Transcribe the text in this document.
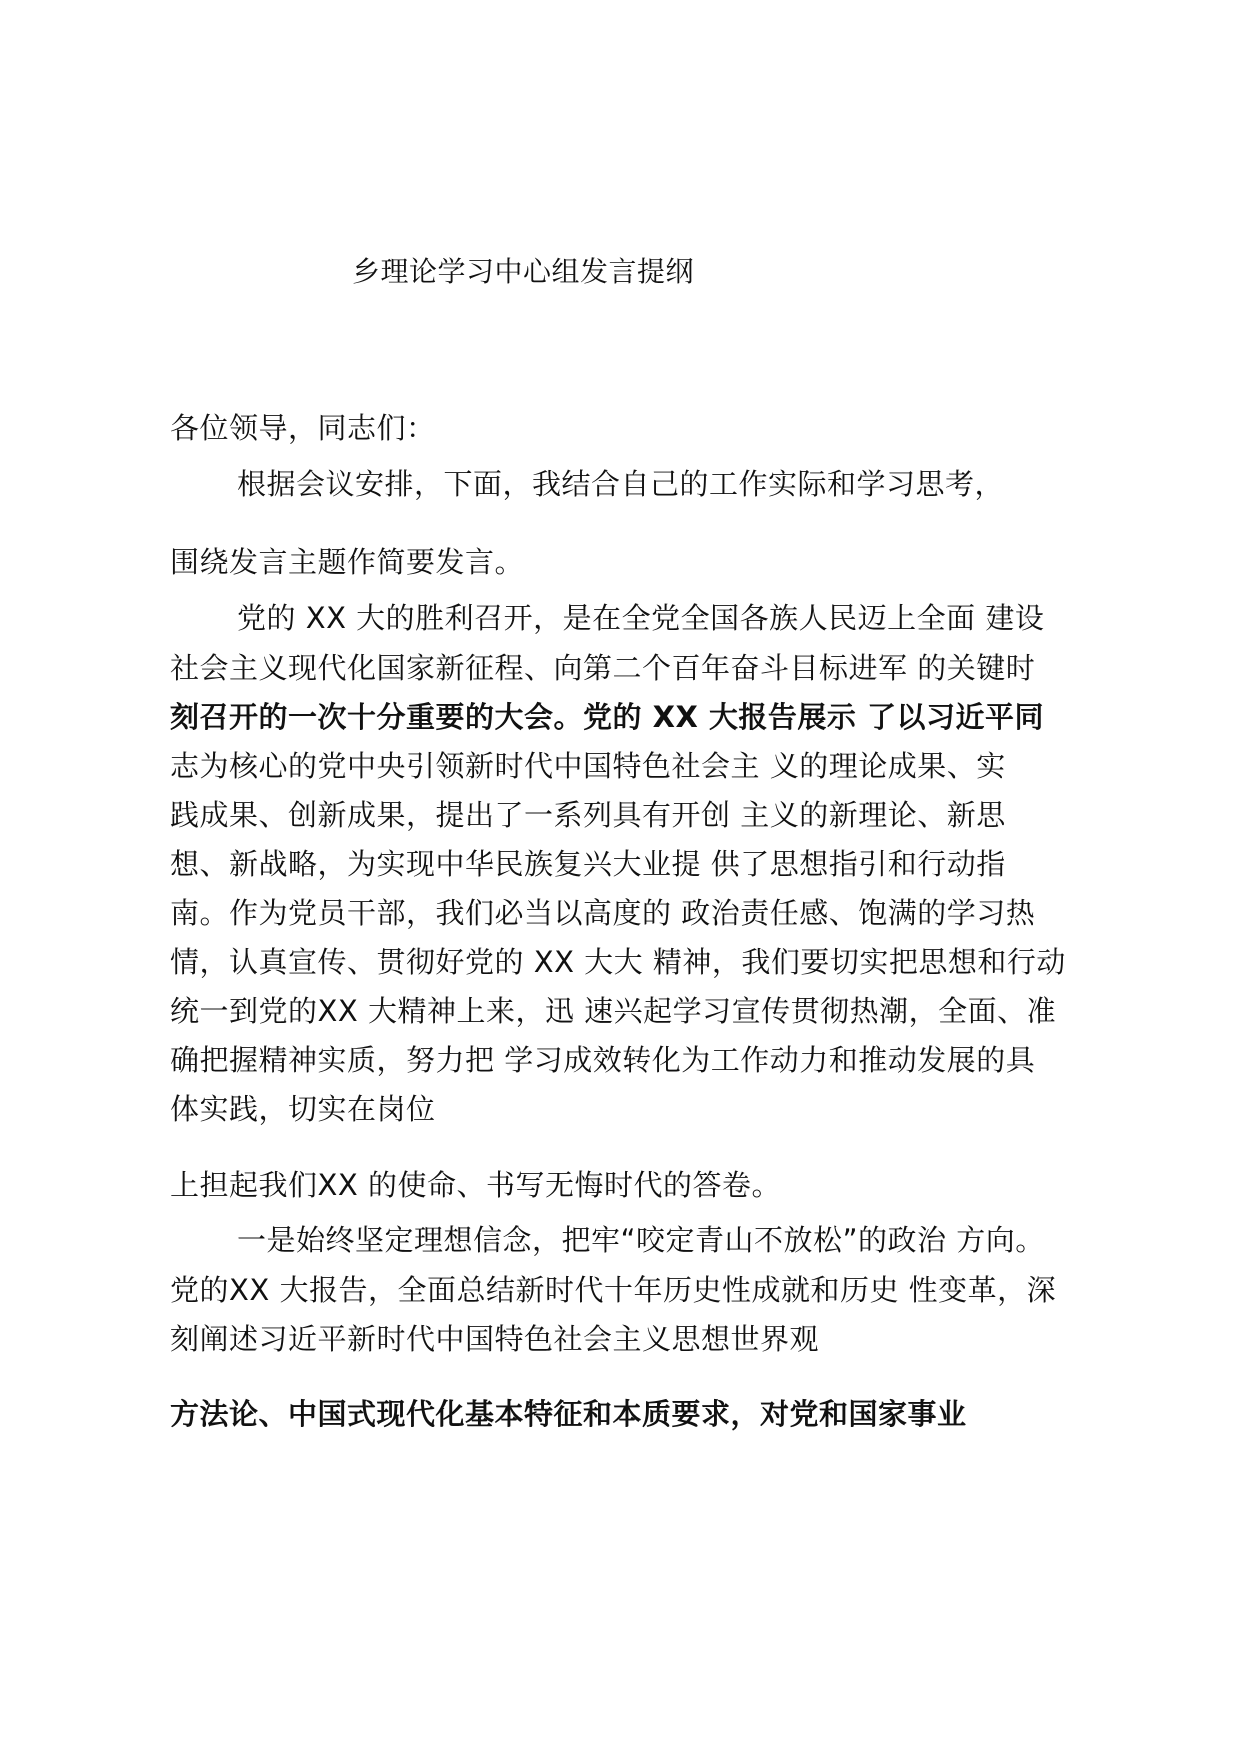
乡理论学习中心组发言提纲
各位领导，同志们：
根据会议安排，下面，我结合自己的工作实际和学习思考，
围绕发言主题作简要发言。
党的 XX 大的胜利召开，是在全党全国各族人民迈上全面 建设
社会主义现代化国家新征程、向第二个百年奋斗目标进军 的关键时
刻召开的一次十分重要的大会。党的 XX 大报告展示 了以习近平同
志为核心的党中央引领新时代中国特色社会主 义的理论成果、实
践成果、创新成果，提出了一系列具有开创 主义的新理论、新思
想、新战略，为实现中华民族复兴大业提 供了思想指引和行动指
南。作为党员干部，我们必当以高度的 政治责任感、饱满的学习热
情，认真宣传、贯彻好党的 XX 大大 精神，我们要切实把思想和行动
统一到党的XX 大精神上来，迅 速兴起学习宣传贯彻热潮，全面、准
确把握精神实质，努力把 学习成效转化为工作动力和推动发展的具
体实践，切实在岗位
上担起我们XX 的使命、书写无悔时代的答卷。
一是始终坚定理想信念，把牢“咬定青山不放松”的政治 方向。
党的XX 大报告，全面总结新时代十年历史性成就和历史 性变革，深
刻阐述习近平新时代中国特色社会主义思想世界观
方法论、中国式现代化基本特征和本质要求，对党和国家事业
